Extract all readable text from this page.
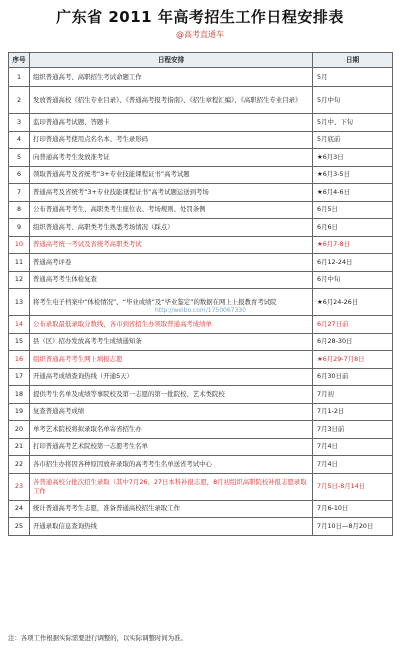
广东省 2011 年高考招生工作日程安排表
@高考直通车
序号	日程安排	日期
1	组织普通高考、高职招生考试命题工作	5月
2	发放普通高校《招生专业目录》、《普通高考报考指南》、《招生章程汇编》、《高职招生专业目录》	5月中旬
3	监印普通高考试题、答题卡	5月中、下旬
4	打印普通高考使用点名名本、考生录形码	5月底前
5	向普通高考考生发放准考证	★6月3日
6	领取普通高考及省统考“3+专业技能课程证书”高考试题	★6月3-5日
7	普通高考及省统考“3+专业技能课程证书”高考试题运送到考场	★6月4-6日
8	公布普通高考考生、高职类考生座位表、考场规则、处罚条例	6月5日
9	组织普通高考、高职类考生熟悉考场情况（踩点）	6月6日
10	普通高考统一考试及省统考高职类考试	★6月7-8日
11	普通高考评卷	6月12-24日
12	普通高考考生体检复查	6月中旬
13	将考生电子档案中“体检情况”、“毕业成绩”及“毕业鉴定”的数据在网上上报教育考试院	★6月24-26日
14	公布录取最低录取分数线，各市到省招生办领取普通高考成绩单	6月27日前
15	县（区）招办发放高考考生成绩通知条	6月28-30日
16	组织普通高考考生网上填报志愿	★6月29-7月8日
17	开通高考成绩查询热线（开通5天）	6月30日前
18	提供考生名单及成绩等事院校及第一志愿的第一批院校、艺术类院校	7月初
19	复查普通高考成绩	7月1-2日
20	单考艺术院校将拟录取名单寄省招生办	7月3日前
21	打印普通高考艺术院校第一志愿考生名单	7月4日
22	各市招生办将因各种原因放弃录取的高考考生名单送省考试中心	7月4日
23	各普通高校分批次招生录取（其中7月26、27日本科补报志愿，8月初组织高职院校补报志愿录取工作	7月5日-8月14日
24	统计普通高考考生志愿，准备普通高校招生录取工作	7月6-10日
25	开通录取信息查询热线	7月10日—8月20日
http://weibo.com/1750067330
注：各项工作根据实际需要进行调整的，以实际调整时间为准。
